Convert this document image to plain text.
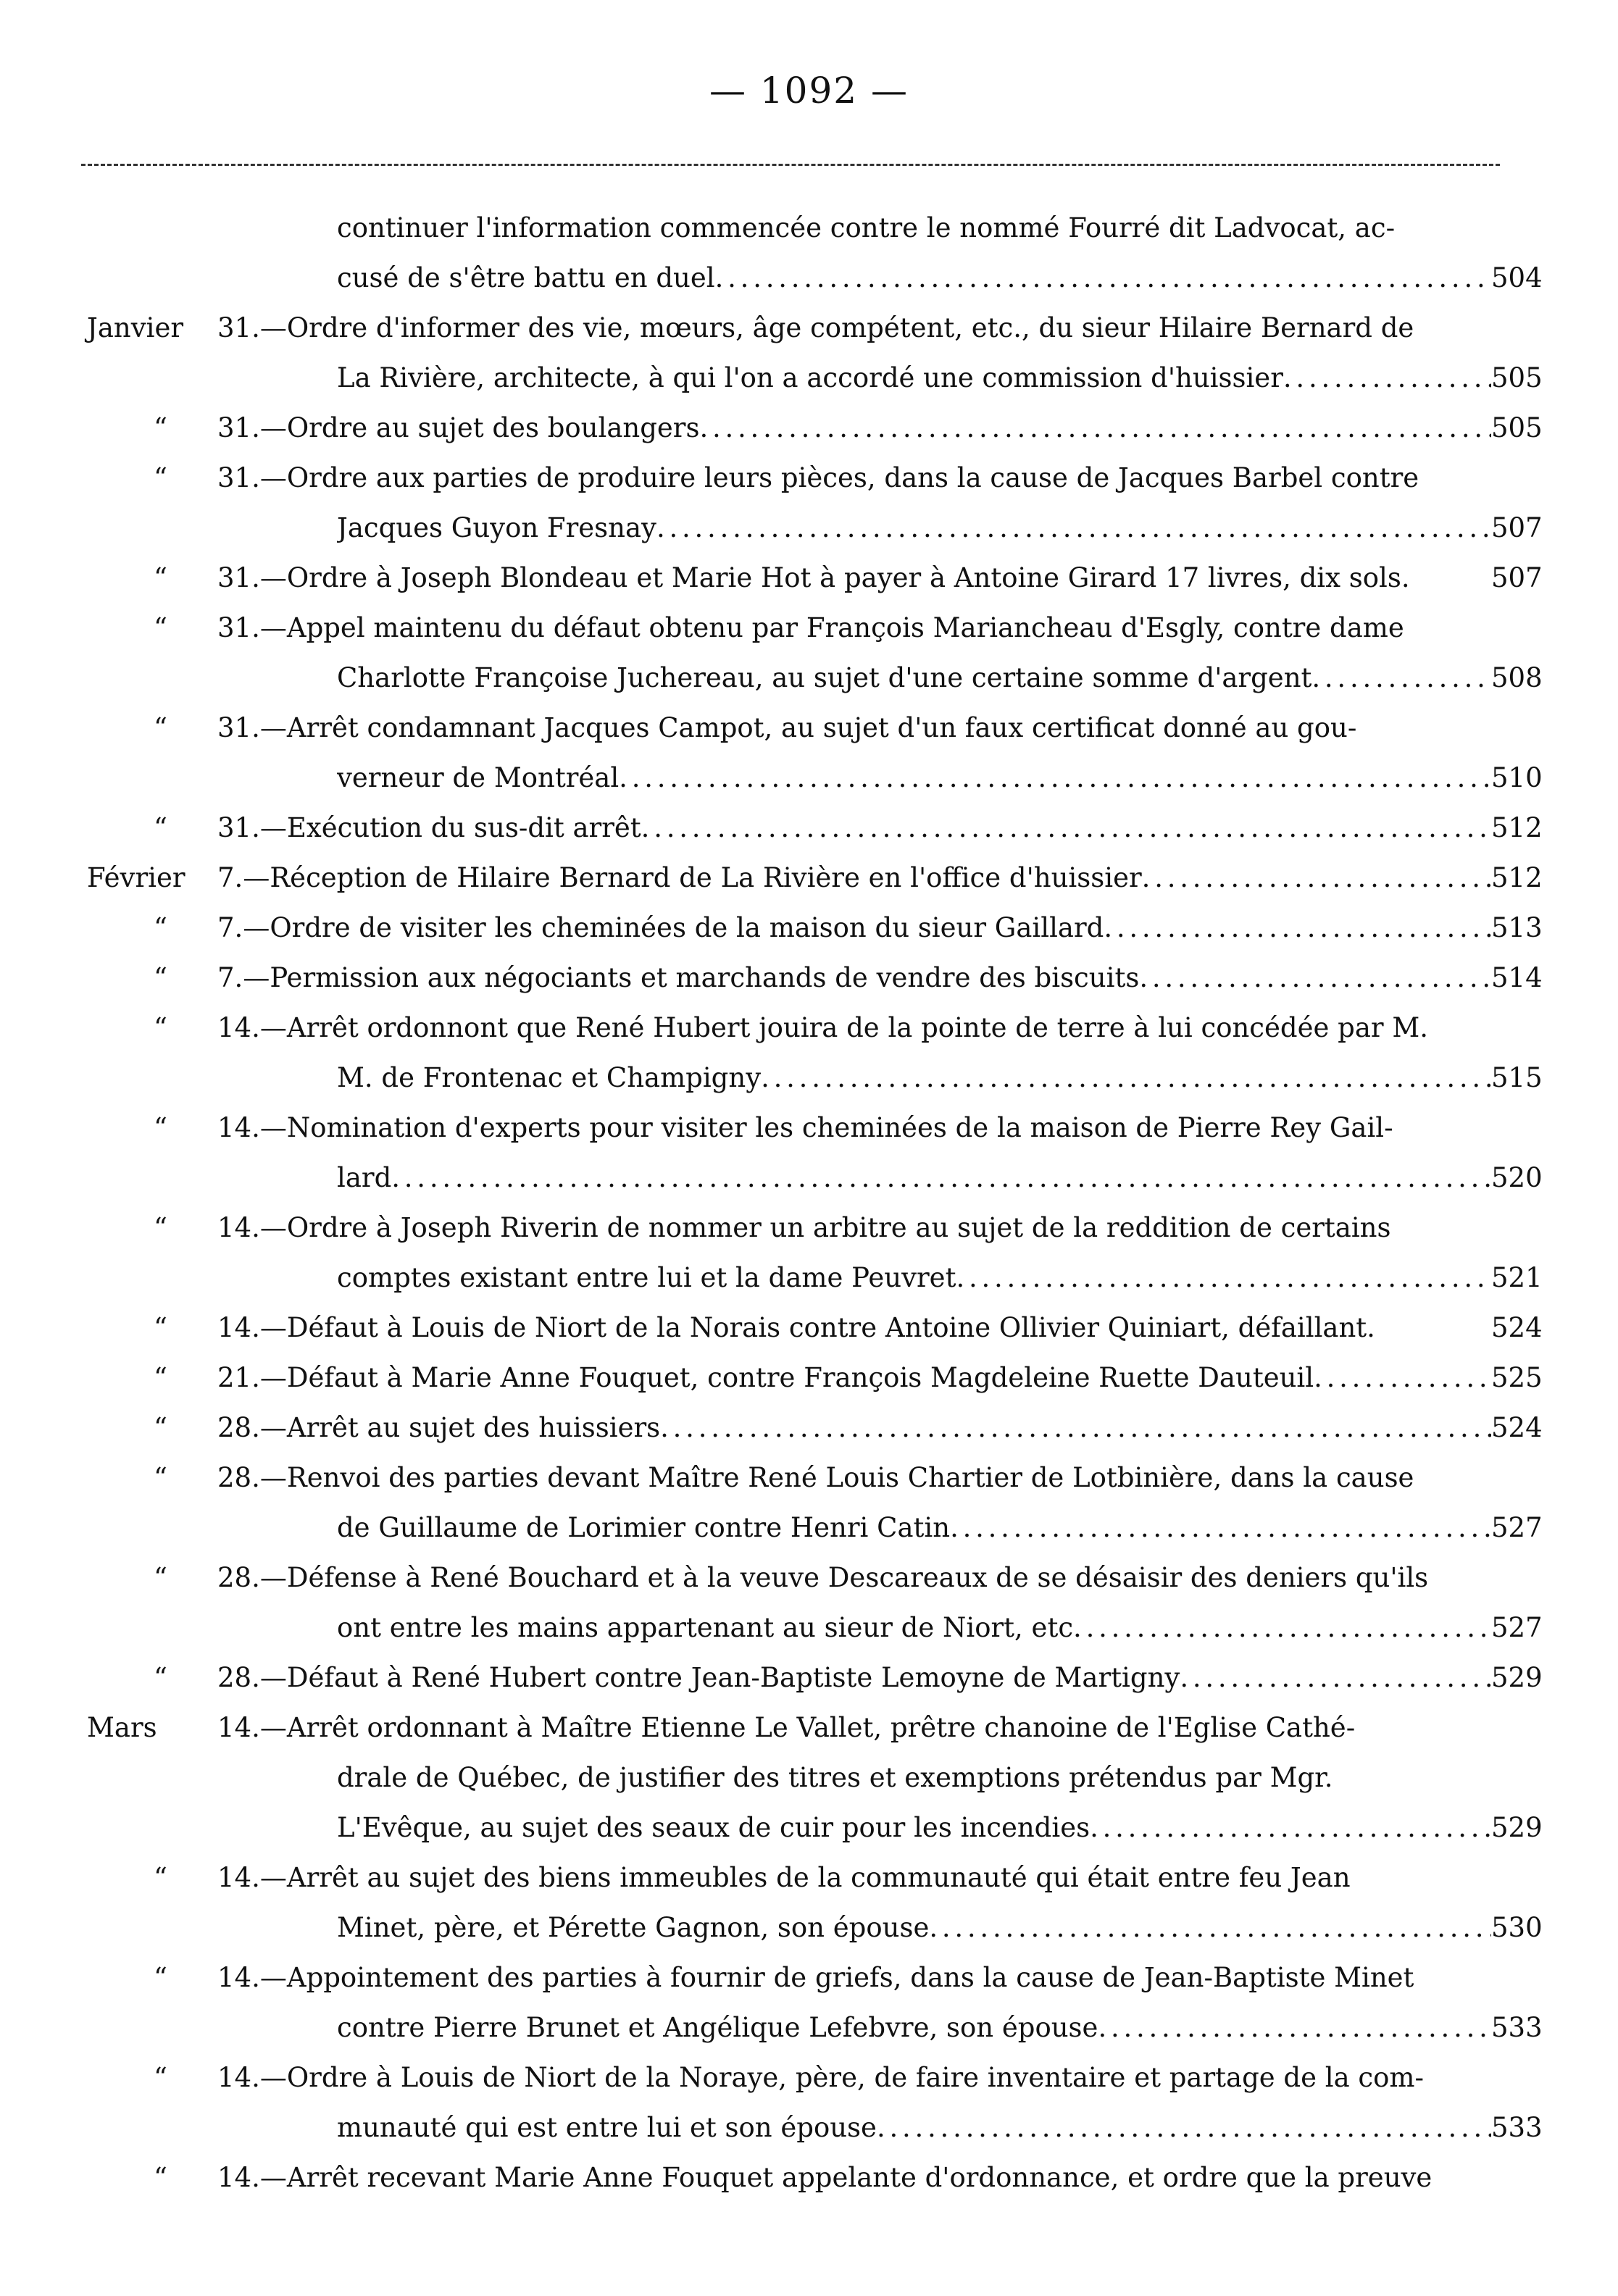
— 1092 —
continuer l'information commencée contre le nommé Fourré dit Ladvocat, ac-
cusé de s'être battu en duel . . .	504
Janvier 31. —Ordre d'informer des vie, mœurs, âge compétent, etc., du sieur Hilaire Bernard de
La Rivière, architecte, à qui l'on a accordé une commission d'huissier . . .	505
“ 31. —Ordre au sujet des boulangers . . .	505
“ 31. —Ordre aux parties de produire leurs pièces, dans la cause de Jacques Barbel contre
Jacques Guyon Fresnay . . .	507
“ 31. —Ordre à Joseph Blondeau et Marie Hot à payer à Antoine Girard 17 livres, dix sols.	507
“ 31. —Appel maintenu du défaut obtenu par François Mariancheau d'Esgly, contre dame
Charlotte Françoise Juchereau, au sujet d'une certaine somme d'argent . . .	508
“ 31. —Arrêt condamnant Jacques Campot, au sujet d'un faux certificat donné au gou-
verneur de Montréal . . .	510
“ 31. —Exécution du sus-dit arrêt . . .	512
Février 7. —Réception de Hilaire Bernard de La Rivière en l'office d'huissier . . .	512
“ 7. —Ordre de visiter les cheminées de la maison du sieur Gaillard . . .	513
“ 7. —Permission aux négociants et marchands de vendre des biscuits . . .	514
“ 14. —Arrêt ordonnont que René Hubert jouira de la pointe de terre à lui concédée par M.
M. de Frontenac et Champigny . . .	515
“ 14. —Nomination d'experts pour visiter les cheminées de la maison de Pierre Rey Gail-
lard . . .	520
“ 14. —Ordre à Joseph Riverin de nommer un arbitre au sujet de la reddition de certains
comptes existant entre lui et la dame Peuvret . . .	521
“ 14. —Défaut à Louis de Niort de la Norais contre Antoine Ollivier Quiniart, défaillant.	524
“ 21. —Défaut à Marie Anne Fouquet, contre François Magdeleine Ruette Dauteuil . . .	525
“ 28. —Arrêt au sujet des huissiers . . .	524
“ 28. —Renvoi des parties devant Maître René Louis Chartier de Lotbinière, dans la cause
de Guillaume de Lorimier contre Henri Catin . . .	527
“ 28. —Défense à René Bouchard et à la veuve Descareaux de se désaisir des deniers qu'ils
ont entre les mains appartenant au sieur de Niort, etc . . .	527
“ 28. —Défaut à René Hubert contre Jean-Baptiste Lemoyne de Martigny . . .	529
Mars 14. —Arrêt ordonnant à Maître Etienne Le Vallet, prêtre chanoine de l'Eglise Cathé-
drale de Québec, de justifier des titres et exemptions prétendus par Mgr.
L'Evêque, au sujet des seaux de cuir pour les incendies . . .	529
“ 14. —Arrêt au sujet des biens immeubles de la communauté qui était entre feu Jean
Minet, père, et Pérette Gagnon, son épouse . . .	530
“ 14. —Appointement des parties à fournir de griefs, dans la cause de Jean-Baptiste Minet
contre Pierre Brunet et Angélique Lefebvre, son épouse . . .	533
“ 14. —Ordre à Louis de Niort de la Noraye, père, de faire inventaire et partage de la com-
munauté qui est entre lui et son épouse . . .	533
“ 14. —Arrêt recevant Marie Anne Fouquet appelante d'ordonnance, et ordre que la preuve
